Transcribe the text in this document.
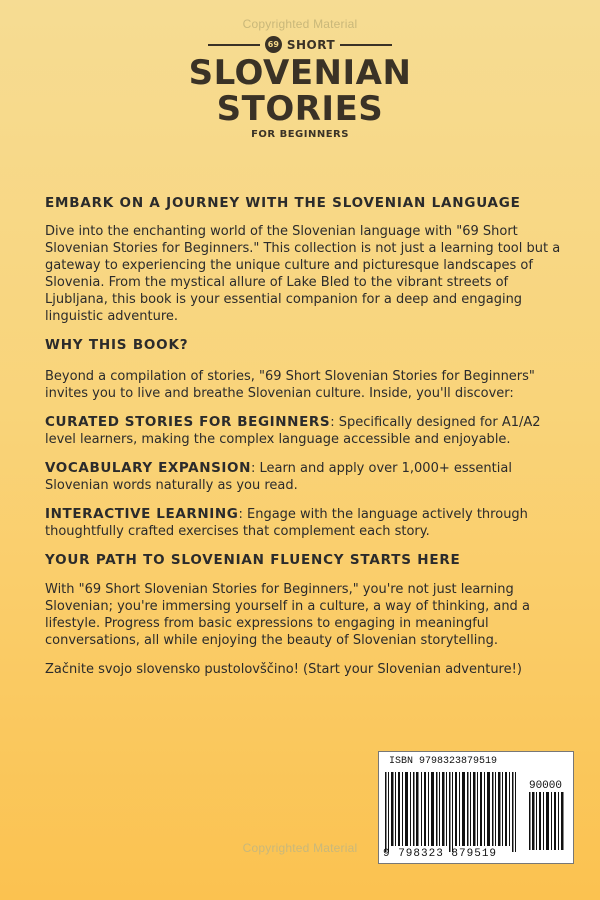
Copyrighted Material
69 SHORT
SLOVENIAN
STORIES
FOR BEGINNERS
EMBARK ON A JOURNEY WITH THE SLOVENIAN LANGUAGE

Dive into the enchanting world of the Slovenian language with "69 Short Slovenian Stories for Beginners." This collection is not just a learning tool but a gateway to experiencing the unique culture and picturesque landscapes of Slovenia. From the mystical allure of Lake Bled to the vibrant streets of Ljubljana, this book is your essential companion for a deep and engaging linguistic adventure.

WHY THIS BOOK?

Beyond a compilation of stories, "69 Short Slovenian Stories for Beginners" invites you to live and breathe Slovenian culture. Inside, you'll discover:

CURATED STORIES FOR BEGINNERS: Specifically designed for A1/A2 level learners, making the complex language accessible and enjoyable.

VOCABULARY EXPANSION: Learn and apply over 1,000+ essential Slovenian words naturally as you read.

INTERACTIVE LEARNING: Engage with the language actively through thoughtfully crafted exercises that complement each story.

YOUR PATH TO SLOVENIAN FLUENCY STARTS HERE

With "69 Short Slovenian Stories for Beginners," you're not just learning Slovenian; you're immersing yourself in a culture, a way of thinking, and a lifestyle. Progress from basic expressions to engaging in meaningful conversations, all while enjoying the beauty of Slovenian storytelling.

Začnite svojo slovensko pustolovščino! (Start your Slovenian adventure!)

ISBN 9798323879519
90000
9 798323 879519
Copyrighted Material
